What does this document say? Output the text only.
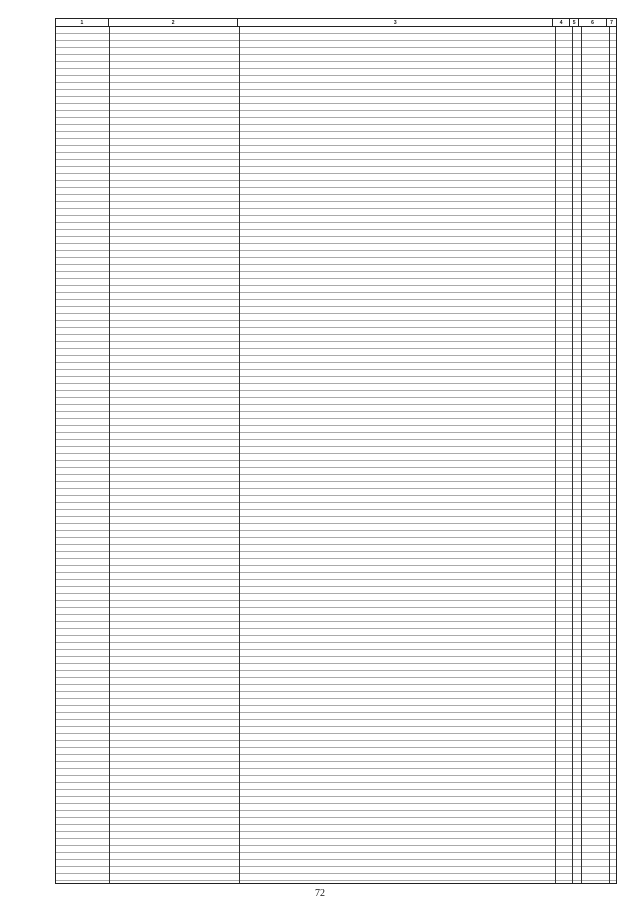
1	2	3	4	5	6	7
72
